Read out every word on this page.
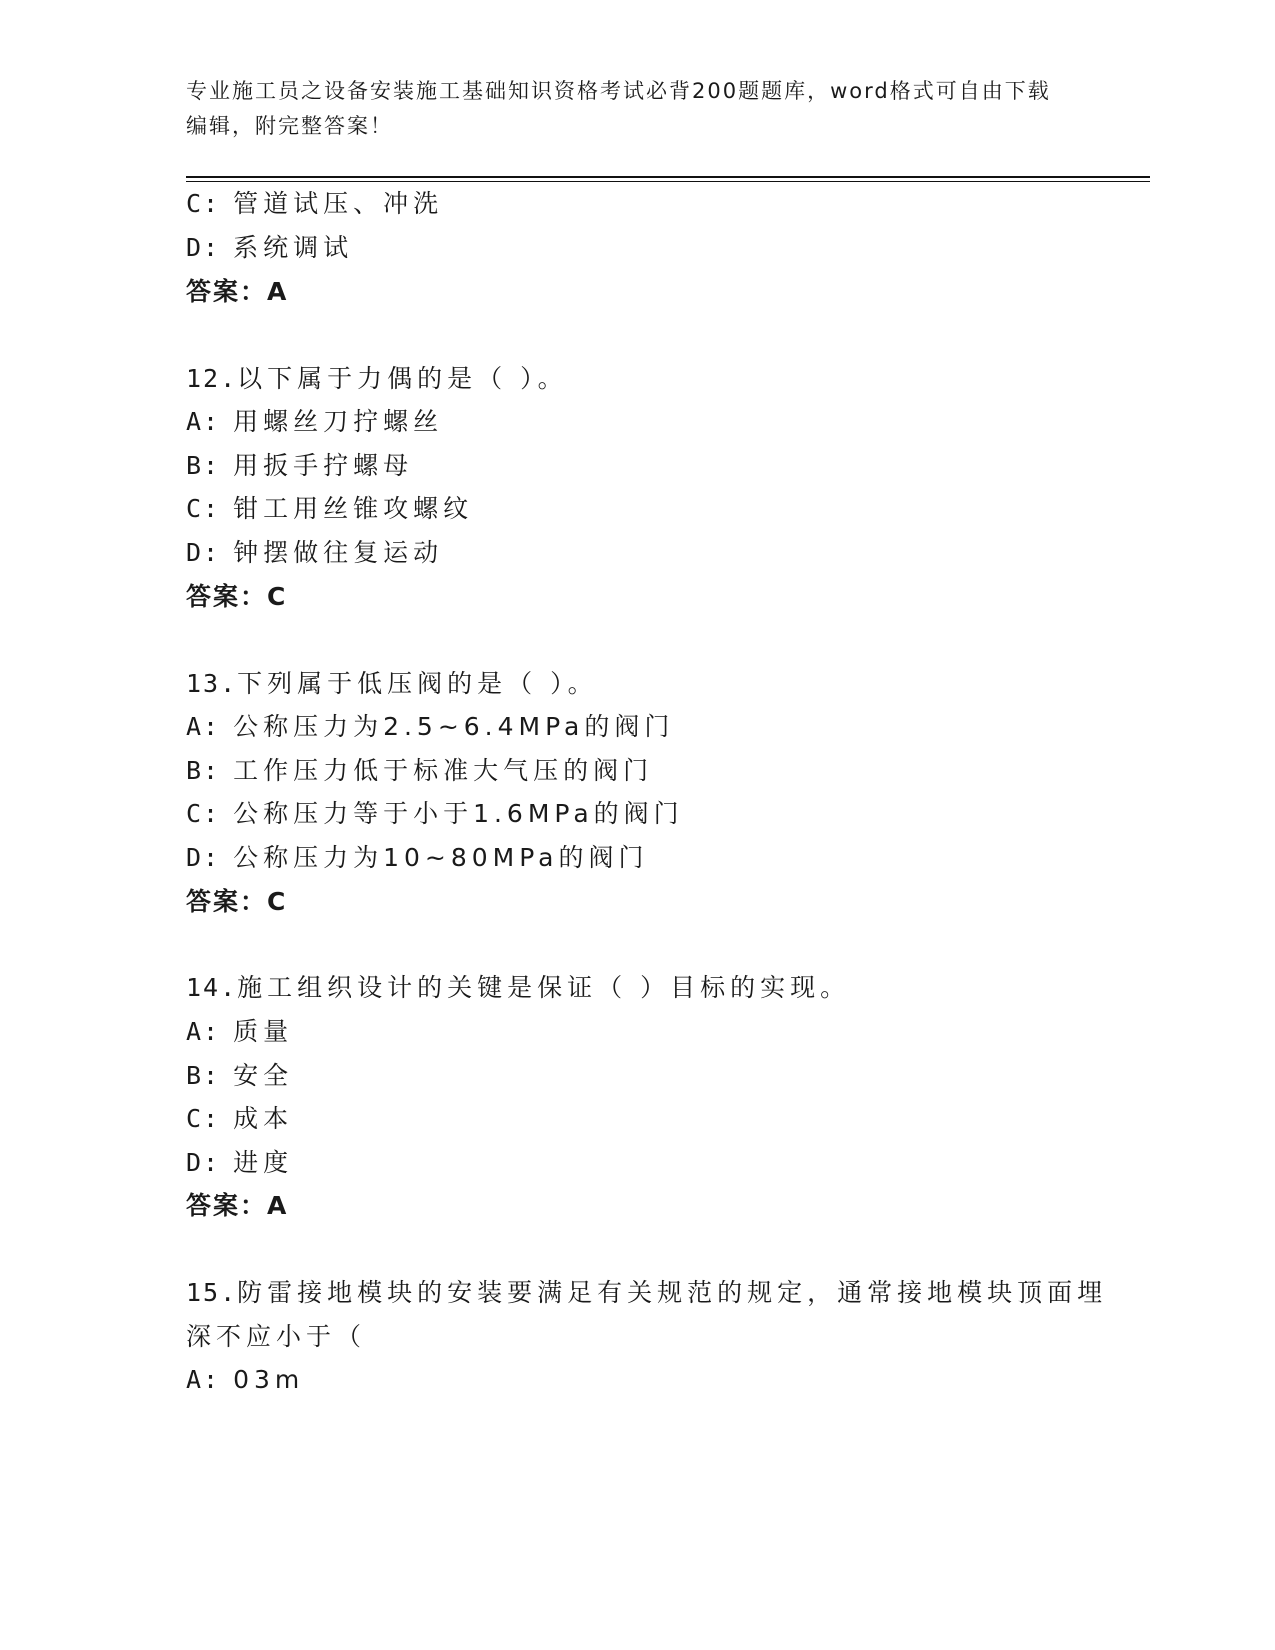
专业施工员之设备安装施工基础知识资格考试必背200题题库，word格式可自由下载编辑，附完整答案！
C: 管道试压、冲洗
D: 系统调试
答案：A
12.以下属于力偶的是（ ）。
A: 用螺丝刀拧螺丝
B: 用扳手拧螺母
C: 钳工用丝锥攻螺纹
D: 钟摆做往复运动
答案：C
13.下列属于低压阀的是（ ）。
A: 公称压力为2.5~6.4MPa的阀门
B: 工作压力低于标准大气压的阀门
C: 公称压力等于小于1.6MPa的阀门
D: 公称压力为10~80MPa的阀门
答案：C
14.施工组织设计的关键是保证（ ）目标的实现。
A: 质量
B: 安全
C: 成本
D: 进度
答案：A
15.防雷接地模块的安装要满足有关规范的规定，通常接地模块顶面埋
深不应小于（
A: 03m
